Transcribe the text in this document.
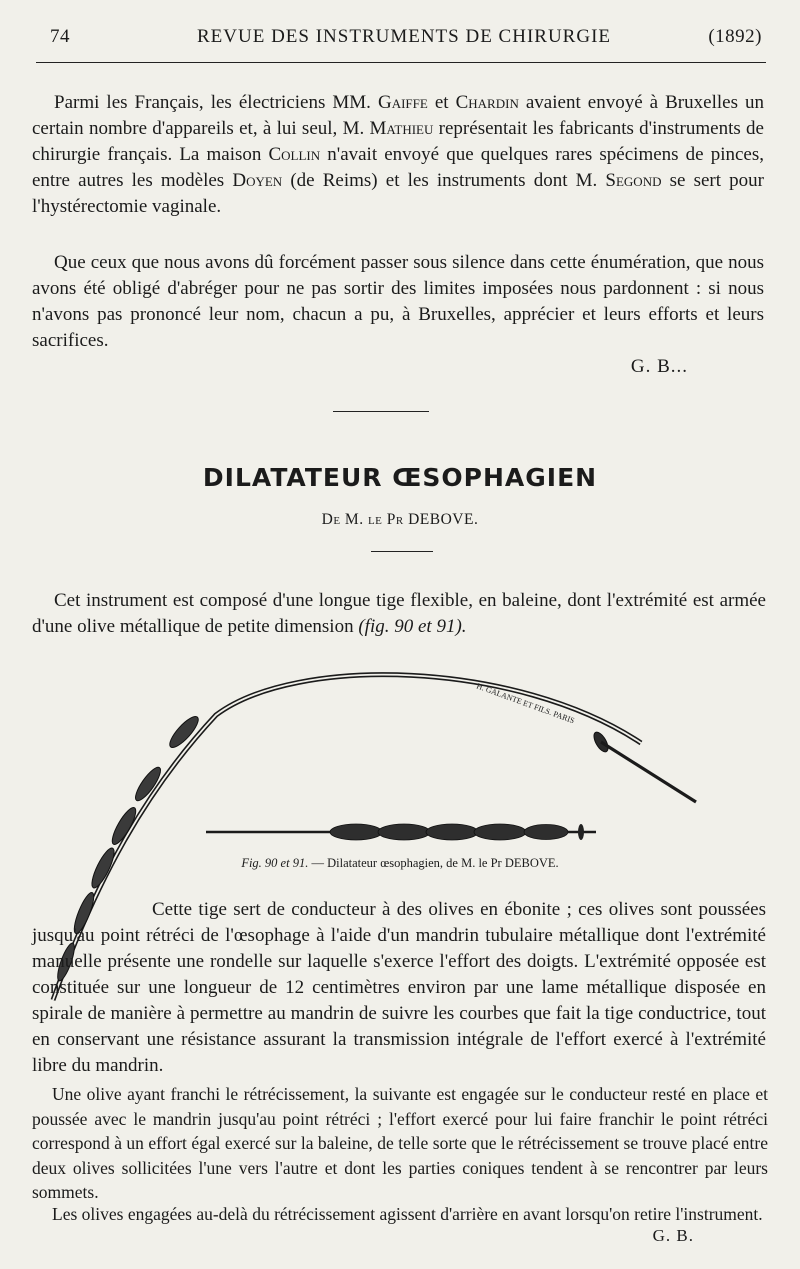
74	REVUE DES INSTRUMENTS DE CHIRURGIE	(1892)

Parmi les Français, les électriciens MM. Gaiffe et Chardin avaient envoyé à Bruxelles un certain nombre d'appareils et, à lui seul, M. Mathieu représentait les fabricants d'instruments de chirurgie français. La maison Collin n'avait envoyé que quelques rares spécimens de pinces, entre autres les modèles Doyen (de Reims) et les instruments dont M. Segond se sert pour l'hystérectomie vaginale.

Que ceux que nous avons dû forcément passer sous silence dans cette énumération, que nous avons été obligé d'abréger pour ne pas sortir des limites imposées nous pardonnent : si nous n'avons pas prononcé leur nom, chacun a pu, à Bruxelles, apprécier et leurs efforts et leurs sacrifices.

G. B...
DILATATEUR ŒSOPHAGIEN
De M. le Pr DEBOVE.

Cet instrument est composé d'une longue tige flexible, en baleine, dont l'extrémité est armée d'une olive métallique de petite dimension (fig. 90 et 91).

H. GALANTE ET FILS. PARIS
Fig. 90 et 91. — Dilatateur œsophagien, de M. le Pr DEBOVE.

Cette tige sert de conducteur à des olives en ébonite ; ces olives sont poussées jusqu'au point rétréci de l'œsophage à l'aide d'un mandrin tubulaire métallique dont l'extrémité manuelle présente une rondelle sur laquelle s'exerce l'effort des doigts. L'extrémité opposée est constituée sur une longueur de 12 centimètres environ par une lame métallique disposée en spirale de manière à permettre au mandrin de suivre les courbes que fait la tige conductrice, tout en conservant une résistance assurant la transmission intégrale de l'effort exercé à l'extrémité libre du mandrin.

Une olive ayant franchi le rétrécissement, la suivante est engagée sur le conducteur resté en place et poussée avec le mandrin jusqu'au point rétréci ; l'effort exercé pour lui faire franchir le point rétréci correspond à un effort égal exercé sur la baleine, de telle sorte que le rétrécissement se trouve placé entre deux olives sollicitées l'une vers l'autre et dont les parties coniques tendent à se rencontrer par leurs sommets.

Les olives engagées au-delà du rétrécissement agissent d'arrière en avant lorsqu'on retire l'instrument.

G. B.
